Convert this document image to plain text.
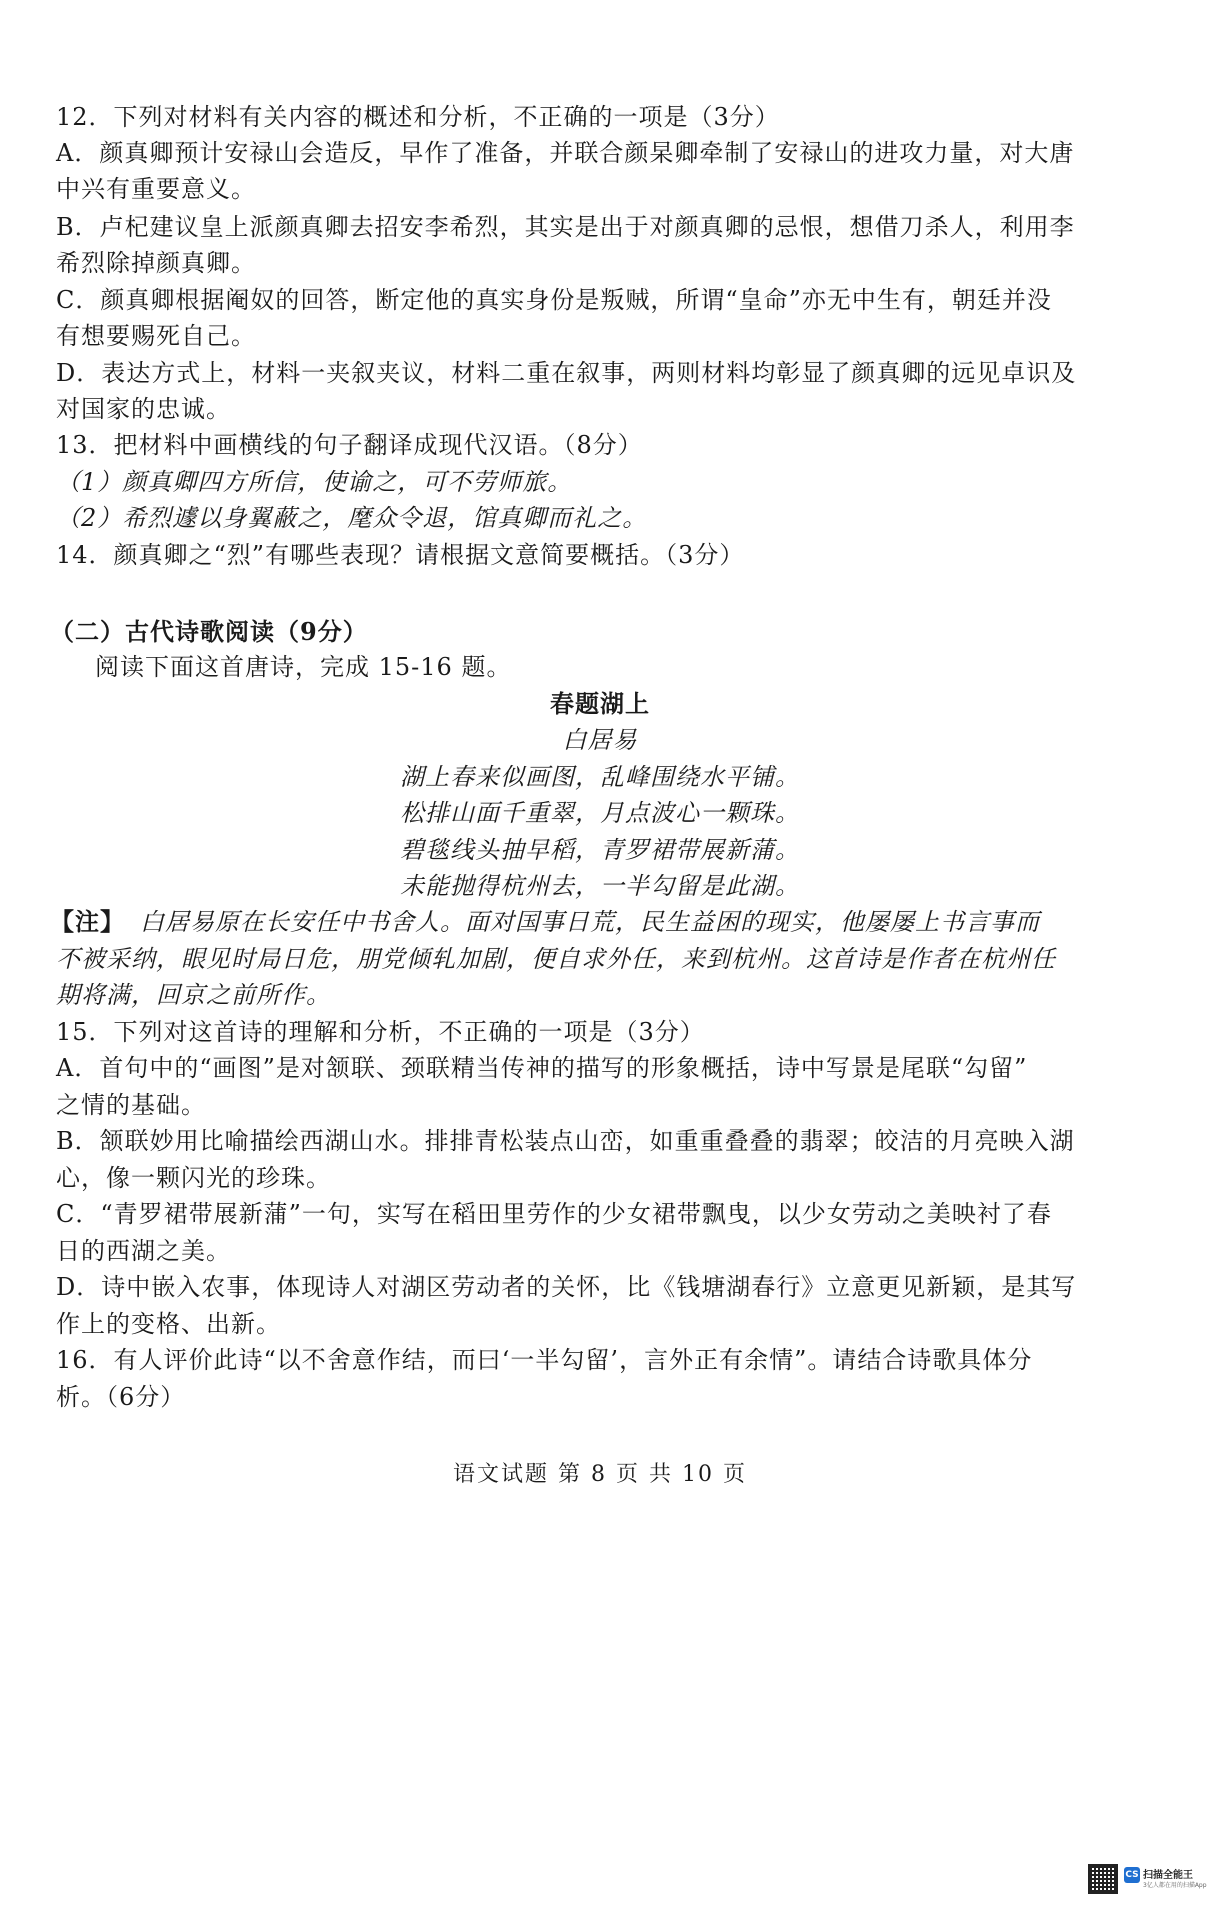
12．下列对材料有关内容的概述和分析，不正确的一项是（3分）
A．颜真卿预计安禄山会造反，早作了准备，并联合颜杲卿牵制了安禄山的进攻力量，对大唐
中兴有重要意义。
B．卢杞建议皇上派颜真卿去招安李希烈，其实是出于对颜真卿的忌恨，想借刀杀人，利用李
希烈除掉颜真卿。
C．颜真卿根据阉奴的回答，断定他的真实身份是叛贼，所谓“皇命”亦无中生有，朝廷并没
有想要赐死自己。
D．表达方式上，材料一夹叙夹议，材料二重在叙事，两则材料均彰显了颜真卿的远见卓识及
对国家的忠诚。
13．把材料中画横线的句子翻译成现代汉语。（8分）
（1）颜真卿四方所信，使谕之，可不劳师旅。
（2）希烈遽以身翼蔽之，麾众令退，馆真卿而礼之。
14．颜真卿之“烈”有哪些表现？请根据文意简要概括。（3分）
（二）古代诗歌阅读（9分）
阅读下面这首唐诗，完成 15-16 题。
春题湖上
白居易
湖上春来似画图，乱峰围绕水平铺。
松排山面千重翠，月点波心一颗珠。
碧毯线头抽早稻，青罗裙带展新蒲。
未能抛得杭州去，一半勾留是此湖。
【注】 白居易原在长安任中书舍人。面对国事日荒，民生益困的现实，他屡屡上书言事而
不被采纳，眼见时局日危，朋党倾轧加剧，便自求外任，来到杭州。这首诗是作者在杭州任
期将满，回京之前所作。
15．下列对这首诗的理解和分析，不正确的一项是（3分）
A．首句中的“画图”是对颔联、颈联精当传神的描写的形象概括，诗中写景是尾联“勾留”
之情的基础。
B．颔联妙用比喻描绘西湖山水。排排青松装点山峦，如重重叠叠的翡翠；皎洁的月亮映入湖
心，像一颗闪光的珍珠。
C．“青罗裙带展新蒲”一句，实写在稻田里劳作的少女裙带飘曳，以少女劳动之美映衬了春
日的西湖之美。
D．诗中嵌入农事，体现诗人对湖区劳动者的关怀，比《钱塘湖春行》立意更见新颖，是其写
作上的变格、出新。
16．有人评价此诗“以不舍意作结，而曰‘一半勾留’，言外正有余情”。请结合诗歌具体分
析。（6分）
语文试题 第 8 页 共 10 页
CS 扫描全能王
3亿人都在用的扫描App
